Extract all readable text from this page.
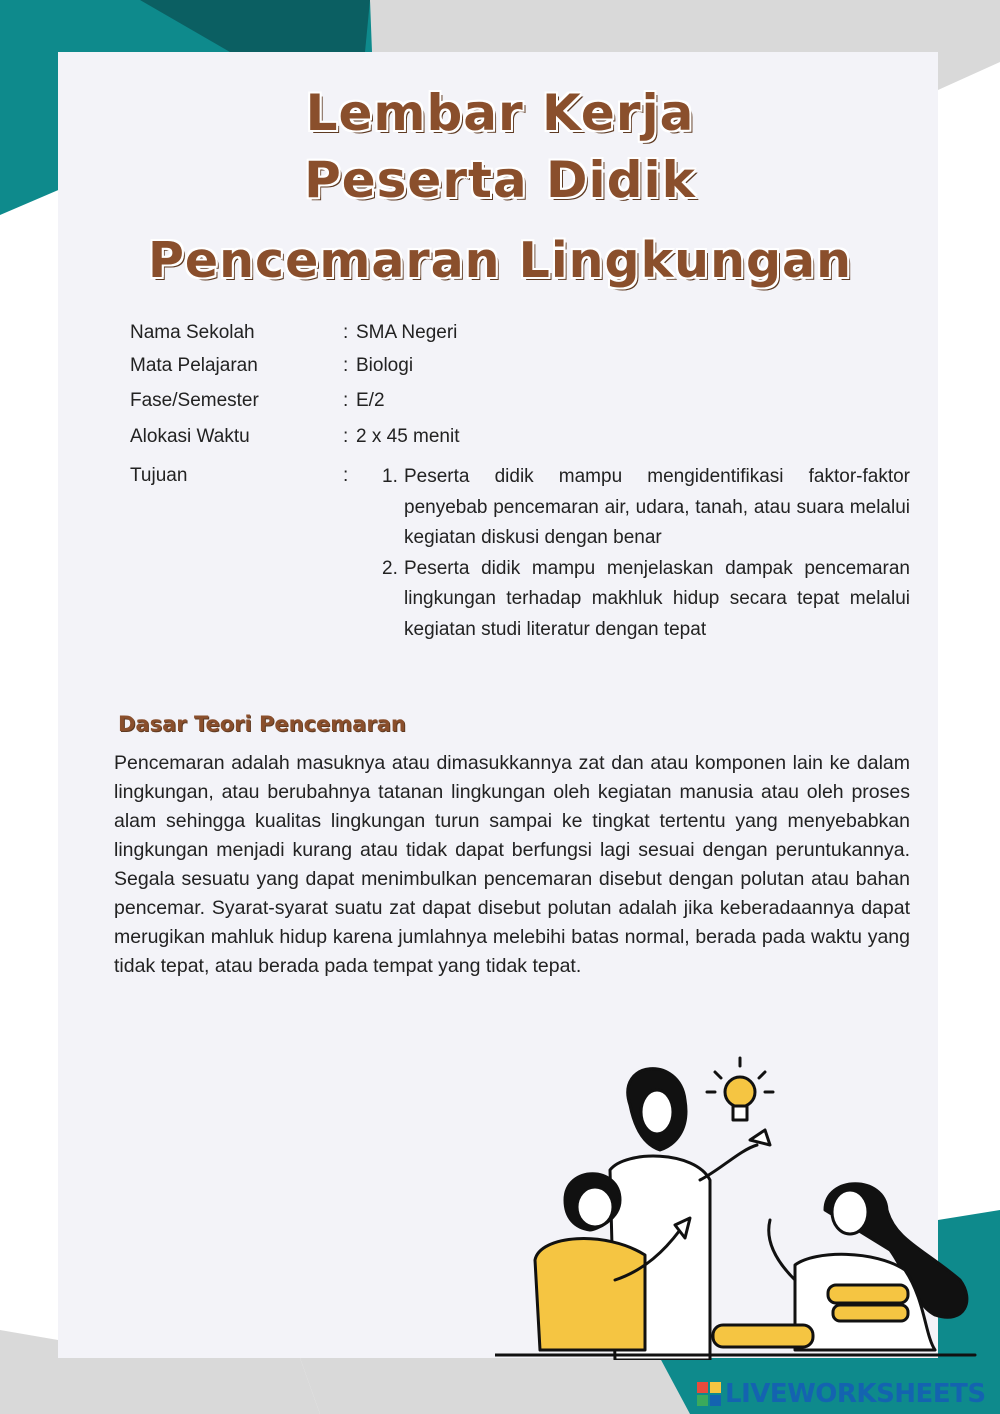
Lembar Kerja
Peserta Didik
Pencemaran Lingkungan
Nama Sekolah	: SMA Negeri
Mata Pelajaran	: Biologi
Fase/Semester	: E/2
Alokasi Waktu	: 2 x 45 menit
Tujuan	: 1. Peserta didik mampu mengidentifikasi faktor-faktor penyebab pencemaran air, udara, tanah, atau suara melalui kegiatan diskusi dengan benar
2. Peserta didik mampu menjelaskan dampak pencemaran lingkungan terhadap makhluk hidup secara tepat melalui kegiatan studi literatur dengan tepat
Dasar Teori Pencemaran
Pencemaran adalah masuknya atau dimasukkannya zat dan atau komponen lain ke dalam lingkungan, atau berubahnya tatanan lingkungan oleh kegiatan manusia atau oleh proses alam sehingga kualitas lingkungan turun sampai ke tingkat tertentu yang menyebabkan lingkungan menjadi kurang atau tidak dapat berfungsi lagi sesuai dengan peruntukannya. Segala sesuatu yang dapat menimbulkan pencemaran disebut dengan polutan atau bahan pencemar. Syarat-syarat suatu zat dapat disebut polutan adalah jika keberadaannya dapat merugikan mahluk hidup karena jumlahnya melebihi batas normal, berada pada waktu yang tidak tepat, atau berada pada tempat yang tidak tepat.
LIVEWORKSHEETS
